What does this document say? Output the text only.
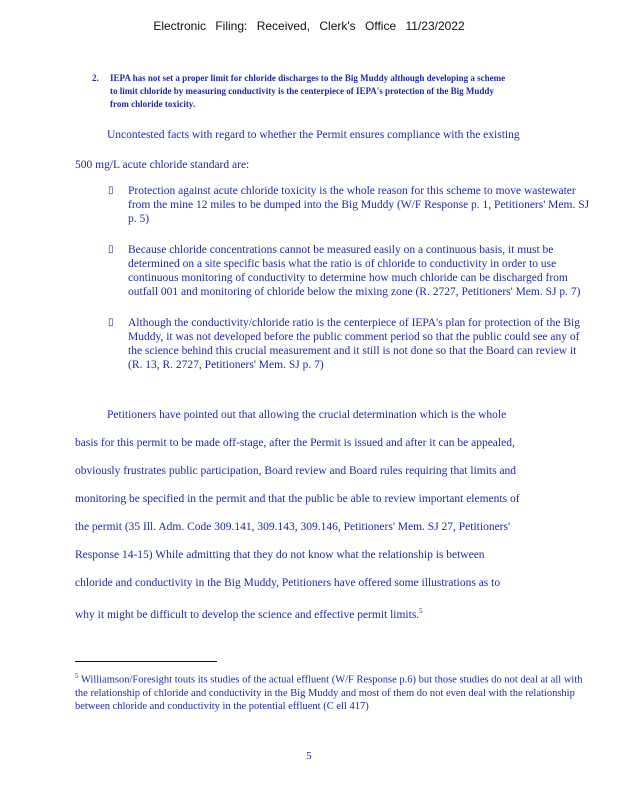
Electronic Filing: Received, Clerk's Office 11/23/2022
2. IEPA has not set a proper limit for chloride discharges to the Big Muddy although developing a scheme to limit chloride by measuring conductivity is the centerpiece of IEPA's protection of the Big Muddy from chloride toxicity.
Uncontested facts with regard to whether the Permit ensures compliance with the existing
500 mg/L acute chloride standard are:
▯ Protection against acute chloride toxicity is the whole reason for this scheme to move wastewater from the mine 12 miles to be dumped into the Big Muddy (W/F Response p. 1, Petitioners' Mem. SJ p. 5)
▯ Because chloride concentrations cannot be measured easily on a continuous basis, it must be determined on a site specific basis what the ratio is of chloride to conductivity in order to use continuous monitoring of conductivity to determine how much chloride can be discharged from outfall 001 and monitoring of chloride below the mixing zone (R. 2727, Petitioners' Mem. SJ p. 7)
▯ Although the conductivity/chloride ratio is the centerpiece of IEPA's plan for protection of the Big Muddy, it was not developed before the public comment period so that the public could see any of the science behind this crucial measurement and it still is not done so that the Board can review it (R. 13, R. 2727, Petitioners' Mem. SJ p. 7)
Petitioners have pointed out that allowing the crucial determination which is the whole
basis for this permit to be made off-stage, after the Permit is issued and after it can be appealed,
obviously frustrates public participation, Board review and Board rules requiring that limits and
monitoring be specified in the permit and that the public be able to review important elements of
the permit (35 Ill. Adm. Code 309.141, 309.143, 309.146, Petitioners' Mem. SJ 27, Petitioners'
Response 14-15) While admitting that they do not know what the relationship is between
chloride and conductivity in the Big Muddy, Petitioners have offered some illustrations as to
why it might be difficult to develop the science and effective permit limits.$^5$
$^5$ Williamson/Foresight touts its studies of the actual effluent (W/F Response p.6) but those studies do not deal at all with the relationship of chloride and conductivity in the Big Muddy and most of them do not even deal with the relationship between chloride and conductivity in the potential effluent (C ell 417)
5
